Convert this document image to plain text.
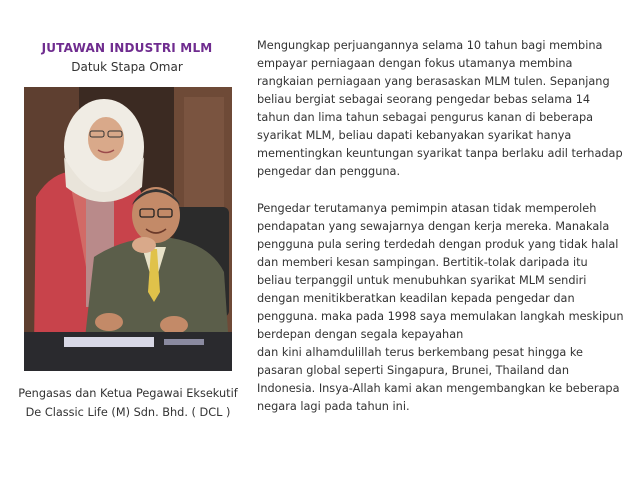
JUTAWAN INDUSTRI MLM
Datuk Stapa Omar
Pengasas dan Ketua Pegawai Eksekutif
De Classic Life (M) Sdn. Bhd. ( DCL )

Mengungkap perjuangannya selama 10 tahun bagi membina empayar perniagaan dengan fokus utamanya membina rangkaian perniagaan yang berasaskan MLM tulen. Sepanjang beliau bergiat sebagai seorang pengedar bebas selama 14 tahun dan lima tahun sebagai pengurus kanan di beberapa syarikat MLM, beliau dapati kebanyakan syarikat hanya mementingkan keuntungan syarikat tanpa berlaku adil terhadap pengedar dan pengguna.

Pengedar terutamanya pemimpin atasan tidak memperoleh pendapatan yang sewajarnya dengan kerja mereka. Manakala pengguna pula sering terdedah dengan produk yang tidak halal dan memberi kesan sampingan. Bertitik-tolak daripada itu beliau terpanggil untuk menubuhkan syarikat MLM sendiri dengan menitikberatkan keadilan kepada pengedar dan pengguna. maka pada 1998 saya memulakan langkah meskipun berdepan dengan segala kepayahan
dan kini alhamdulillah terus berkembang pesat hingga ke pasaran global seperti Singapura, Brunei, Thailand dan Indonesia. Insya-Allah kami akan mengembangkan ke beberapa negara lagi pada tahun ini.
